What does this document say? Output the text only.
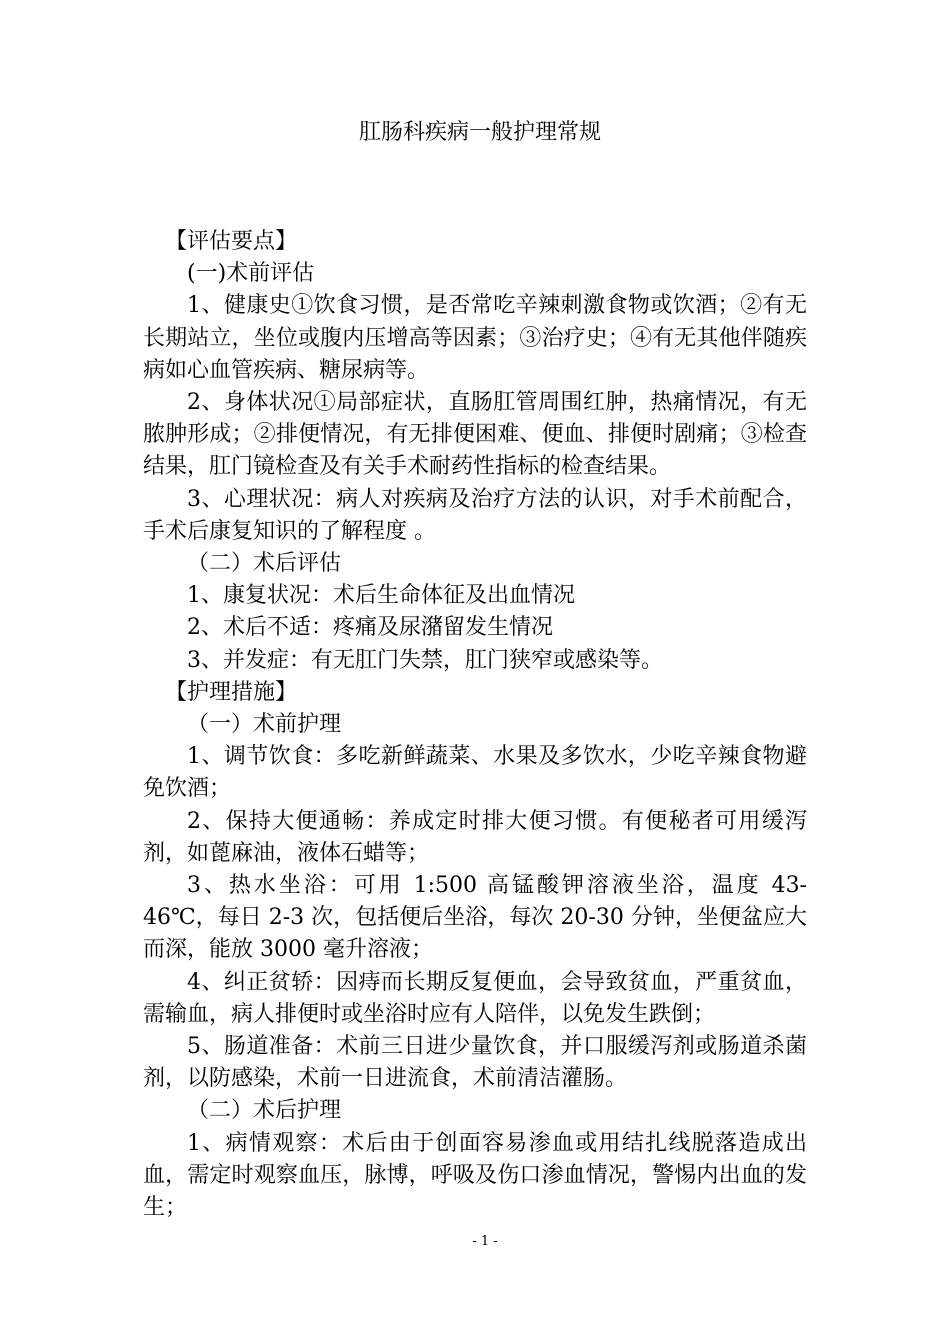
肛肠科疾病一般护理常规

【评估要点】

(一)术前评估

1、健康史①饮食习惯，是否常吃辛辣刺激食物或饮酒；②有无长期站立，坐位或腹内压增高等因素；③治疗史；④有无其他伴随疾病如心血管疾病、糖尿病等。

2、身体状况①局部症状，直肠肛管周围红肿，热痛情况，有无脓肿形成；②排便情况，有无排便困难、便血、排便时剧痛；③检查结果，肛门镜检查及有关手术耐药性指标的检查结果。

3、心理状况：病人对疾病及治疗方法的认识，对手术前配合，手术后康复知识的了解程度 。

（二）术后评估

1、康复状况：术后生命体征及出血情况

2、术后不适：疼痛及尿潴留发生情况

3、并发症：有无肛门失禁，肛门狭窄或感染等。

【护理措施】

（一）术前护理

1、调节饮食：多吃新鲜蔬菜、水果及多饮水，少吃辛辣食物避免饮酒；

2、保持大便通畅：养成定时排大便习惯。有便秘者可用缓泻剂，如蓖麻油，液体石蜡等；

3、热水坐浴：可用 1:500 高锰酸钾溶液坐浴，温度 43-46℃，每日 2-3 次，包括便后坐浴，每次 20-30 分钟，坐便盆应大而深，能放 3000 毫升溶液；

4、纠正贫轿：因痔而长期反复便血，会导致贫血，严重贫血，需输血，病人排便时或坐浴时应有人陪伴，以免发生跌倒；

5、肠道准备：术前三日进少量饮食，并口服缓泻剂或肠道杀菌剂，以防感染，术前一日进流食，术前清洁灌肠。

（二）术后护理

1、病情观察：术后由于创面容易渗血或用结扎线脱落造成出血，需定时观察血压，脉博，呼吸及伤口渗血情况，警惕内出血的发生；

- 1 -
